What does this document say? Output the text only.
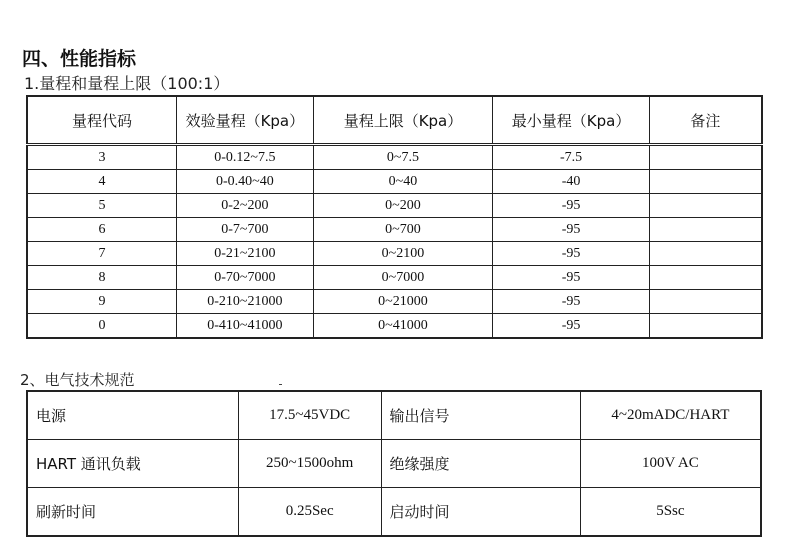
四、性能指标
1.量程和量程上限（100:1）
量程代码	效验量程（Kpa）	量程上限（Kpa）	最小量程（Kpa）	备注
3	0-0.12~7.5	0~7.5	-7.5	
4	0-0.40~40	0~40	-40	
5	0-2~200	0~200	-95	
6	0-7~700	0~700	-95	
7	0-21~2100	0~2100	-95	
8	0-70~7000	0~7000	-95	
9	0-210~21000	0~21000	-95	
0	0-410~41000	0~41000	-95	
2、电气技术规范
电源	17.5~45VDC	输出信号	4~20mADC/HART
HART 通讯负载	250~1500ohm	绝缘强度	100V AC
刷新时间	0.25Sec	启动时间	5Ssc
